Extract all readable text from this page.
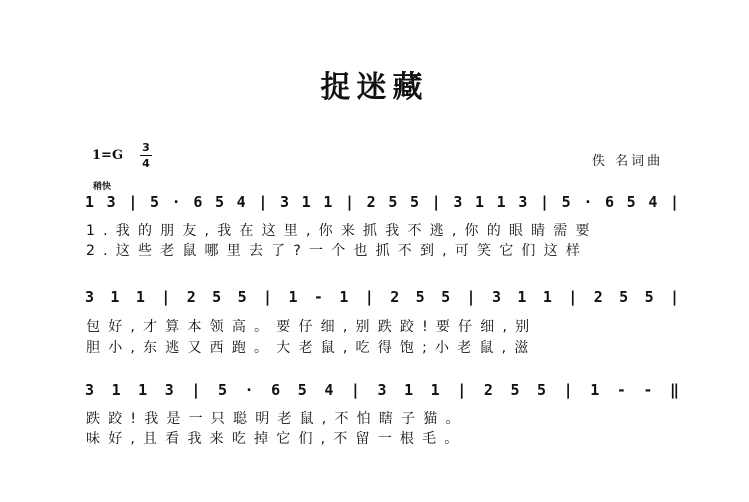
捉迷藏
1=G
3
4	佚 名词曲
稍快
1 3 | 5 · 6 5 4 | 3 1 1 | 2 5 5 | 3 1 1 3 | 5 · 6 5 4 |
1.我的朋友,我在这里,你来抓我不逃,你的眼睛需要
2.这些老鼠哪里去了?一个也抓不到,可笑它们这样
3 1 1 | 2 5 5 | 1 - 1 | 2 5 5 | 3 1 1 | 2 5 5 |
包好,才算本领高。要仔细,别跌跤!要仔细,别
胆小,东逃又西跑。大老鼠,吃得饱;小老鼠,滋
3 1 1 3 | 5 · 6 5 4 | 3 1 1 | 2 5 5 | 1 - - ‖
跌跤!我是一只聪明老鼠,不怕瞎子猫。
味好,且看我来吃掉它们,不留一根毛。
